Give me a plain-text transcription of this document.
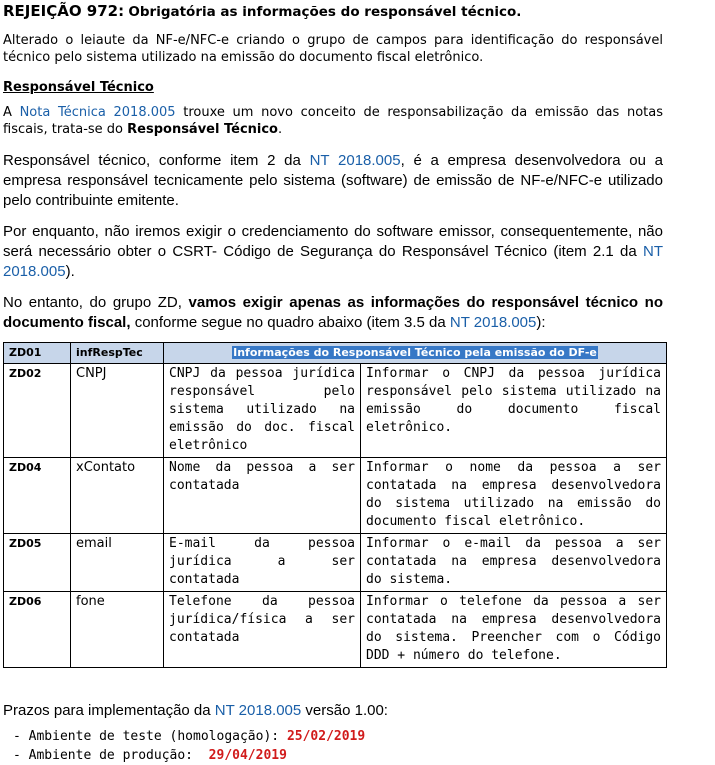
REJEIÇÃO 972: Obrigatória as informações do responsável técnico.

Alterado o leiaute da NF-e/NFC-e criando o grupo de campos para identificação do responsável técnico pelo sistema utilizado na emissão do documento fiscal eletrônico.

Responsável Técnico

A Nota Técnica 2018.005 trouxe um novo conceito de responsabilização da emissão das notas fiscais, trata-se do Responsável Técnico.

Responsável técnico, conforme item 2 da NT 2018.005, é a empresa desenvolvedora ou a empresa responsável tecnicamente pelo sistema (software) de emissão de NF-e/NFC-e utilizado pelo contribuinte emitente.

Por enquanto, não iremos exigir o credenciamento do software emissor, consequentemente, não será necessário obter o CSRT- Código de Segurança do Responsável Técnico (item 2.1 da NT 2018.005).

No entanto, do grupo ZD, vamos exigir apenas as informações do responsável técnico no documento fiscal, conforme segue no quadro abaixo (item 3.5 da NT 2018.005):

ZD01	infRespTec	Informações do Responsável Técnico pela emissão do DF-e	
ZD02	CNPJ	CNPJ da pessoa jurídica responsável pelo sistema utilizado na emissão do doc. fiscal eletrônico	Informar o CNPJ da pessoa jurídica responsável pelo sistema utilizado na emissão do documento fiscal eletrônico.
ZD04	xContato	Nome da pessoa a ser contatada	Informar o nome da pessoa a ser contatada na empresa desenvolvedora do sistema utilizado na emissão do documento fiscal eletrônico.
ZD05	email	E-mail da pessoa jurídica a ser contatada	Informar o e-mail da pessoa a ser contatada na empresa desenvolvedora do sistema.
ZD06	fone	Telefone da pessoa jurídica/física a ser contatada	Informar o telefone da pessoa a ser contatada na empresa desenvolvedora do sistema. Preencher com o Código DDD + número do telefone.
Prazos para implementação da NT 2018.005 versão 1.00:
- Ambiente de teste (homologação): 25/02/2019
- Ambiente de produção:  29/04/2019
